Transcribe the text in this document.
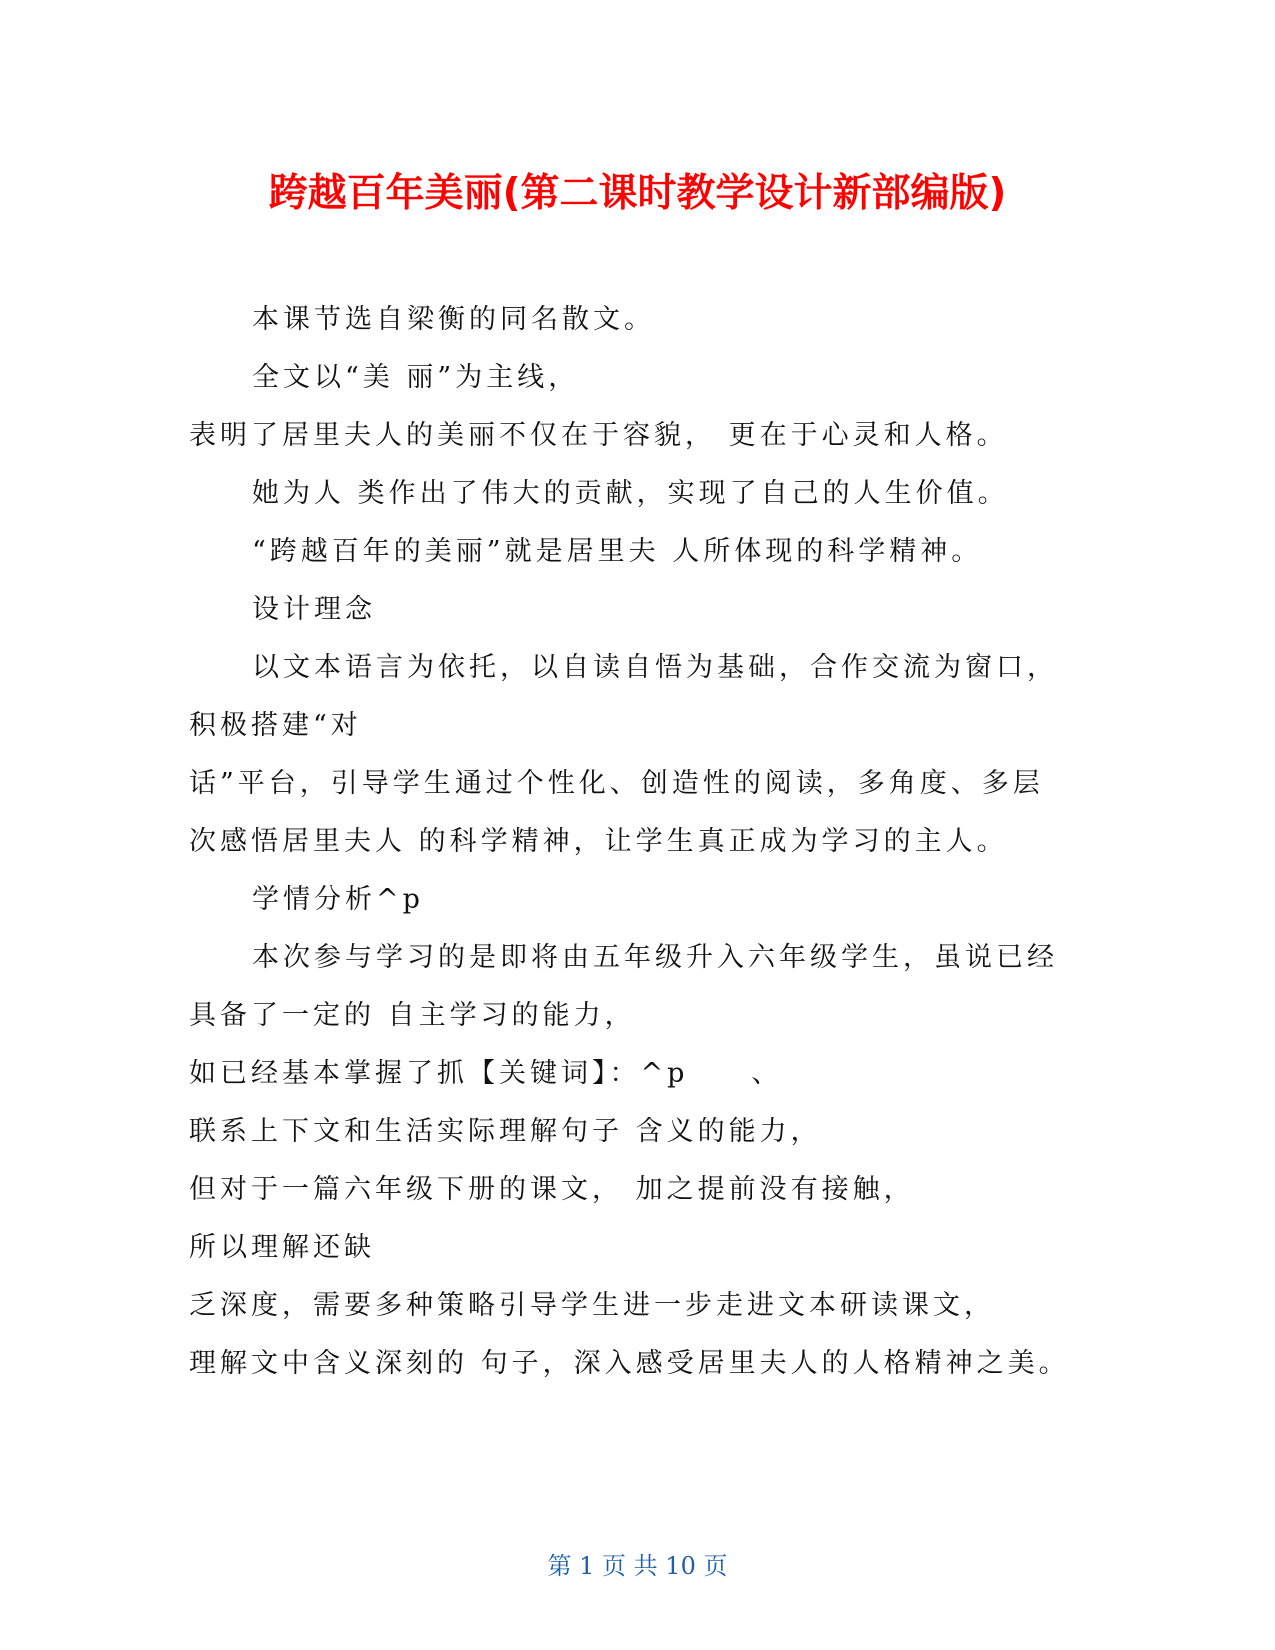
跨越百年美丽(第二课时教学设计新部编版)
本课节选自梁衡的同名散文。
全文以“美 丽”为主线，
表明了居里夫人的美丽不仅在于容貌， 更在于心灵和人格。
她为人 类作出了伟大的贡献，实现了自己的人生价值。
“跨越百年的美丽”就是居里夫 人所体现的科学精神。
设计理念
以文本语言为依托，以自读自悟为基础，合作交流为窗口，
积极搭建“对
话”平台，引导学生通过个性化、创造性的阅读，多角度、多层
次感悟居里夫人 的科学精神，让学生真正成为学习的主人。
学情分析^p
本次参与学习的是即将由五年级升入六年级学生，虽说已经
具备了一定的 自主学习的能力，
如已经基本掌握了抓【关键词】：^p     、
联系上下文和生活实际理解句子 含义的能力，
但对于一篇六年级下册的课文， 加之提前没有接触，
所以理解还缺
乏深度，需要多种策略引导学生进一步走进文本研读课文，
理解文中含义深刻的 句子，深入感受居里夫人的人格精神之美。
第 1 页 共 10 页
